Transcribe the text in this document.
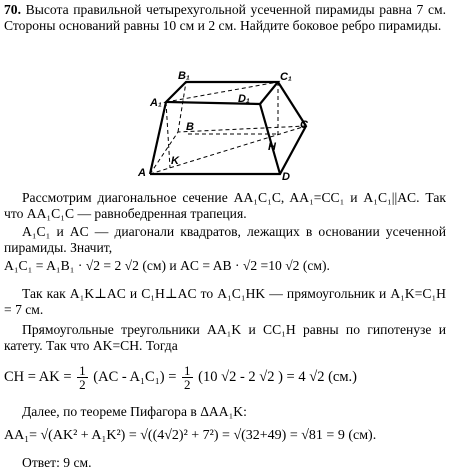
70. Высота правильной четырехугольной усеченной пирамиды равна 7 см. Стороны оснований равны 10 см и 2 см. Найдите боковое ребро пирамиды.

B₁	C₁
A₁	D₁
B	C
H
A
K
D

Рассмотрим диагональное сечение AA₁C₁C, AA₁=CC₁ и A₁C₁||AC. Так что AA₁C₁C — равнобедренная трапеция.

A₁C₁ и AC — диагонали квадратов, лежащих в основании усеченной пирамиды. Значит,

A₁C₁ = A₁B₁ · √2 = 2 √2 (см) и AC = AB · √2 =10 √2 (см).

Так как A₁K⊥AC и C₁H⊥AC то A₁C₁HK — прямоугольник и A₁K=C₁H = 7 см.

Прямоугольные треугольники AA₁K и CC₁H равны по гипотенузе и катету. Так что AK=CH. Тогда

CH = AK = $\frac{1}{2} (AC - A_1C_1) = \frac{1}{2} (10$ √2 - 2 √2 ) = 4 √2 (см.)

Далее, по теореме Пифагора в ΔAA₁K:

AA₁= √(AK² + A₁K²) = √((4√2)² + 7²) = √(32+49) = √81 = 9 (см).

Ответ: 9 см.
